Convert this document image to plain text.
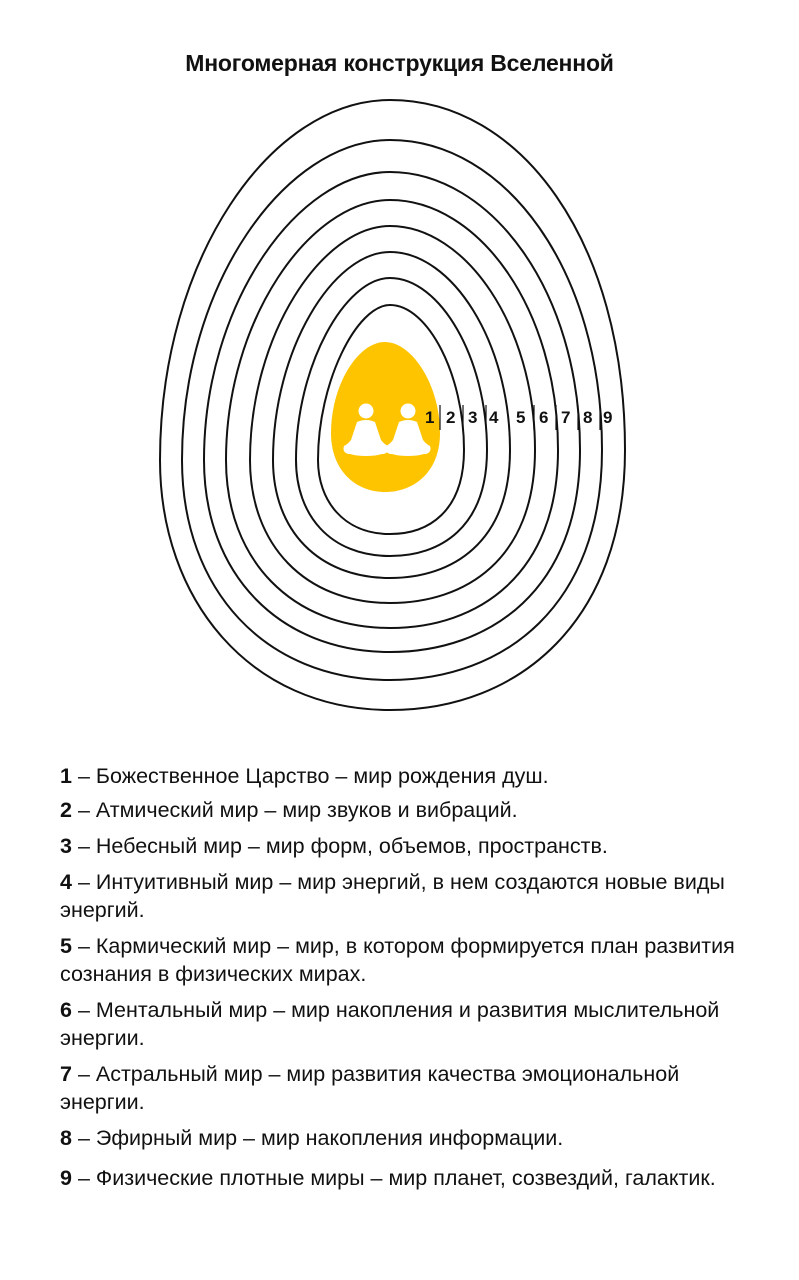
Многомерная конструкция Вселенной
1 2 3 4 5 6 7 8 9

1 – Божественное Царство – мир рождения душ.

2 – Атмический мир – мир звуков и вибраций.

3 – Небесный мир – мир форм, объемов, пространств.

4 – Интуитивный мир – мир энергий, в нем создаются новые виды энергий.

5 – Кармический мир – мир, в котором формируется план развития сознания в физических мирах.

6 – Ментальный мир – мир накопления и развития мыслительной энергии.

7 – Астральный мир – мир развития качества эмоциональной энергии.

8 – Эфирный мир – мир накопления информации.

9 – Физические плотные миры – мир планет, созвездий, галактик.
